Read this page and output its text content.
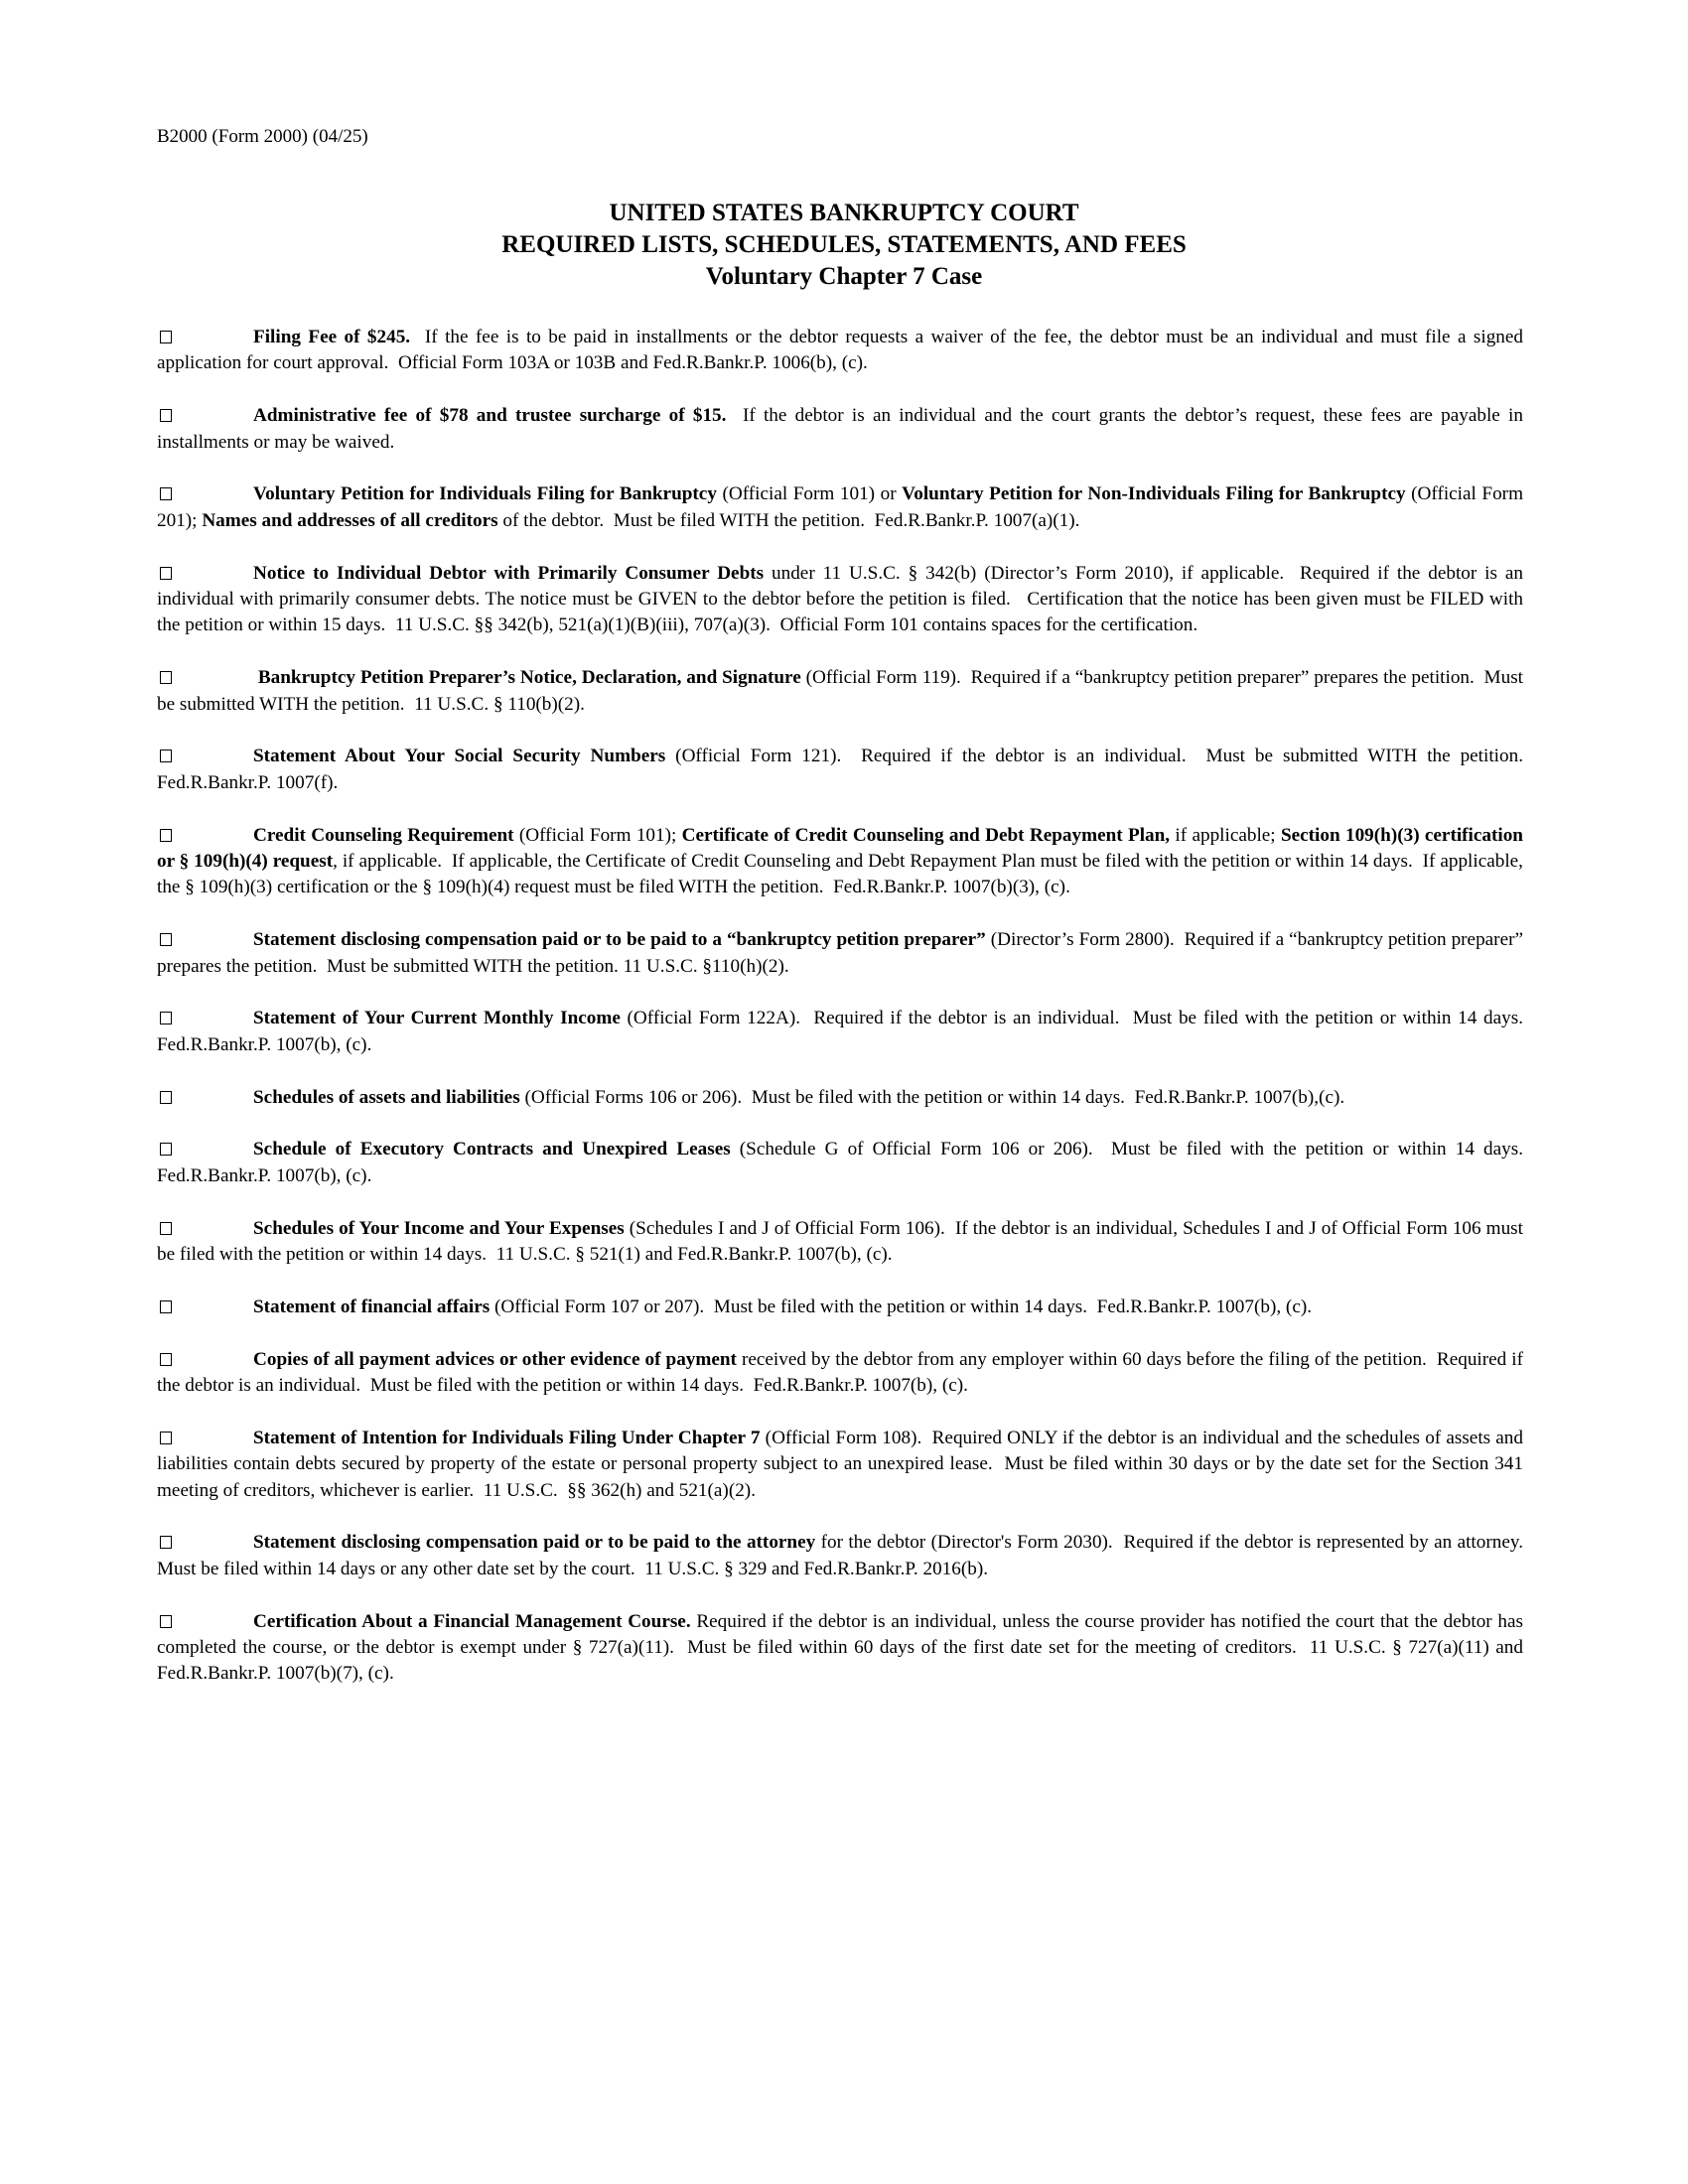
B2000 (Form 2000) (04/25)
UNITED STATES BANKRUPTCY COURT
REQUIRED LISTS, SCHEDULES, STATEMENTS, AND FEES
Voluntary Chapter 7 Case

Filing Fee of $245.  If the fee is to be paid in installments or the debtor requests a waiver of the fee, the debtor must be an individual and must file a signed application for court approval.  Official Form 103A or 103B and Fed.R.Bankr.P. 1006(b), (c).

Administrative fee of $78 and trustee surcharge of $15.  If the debtor is an individual and the court grants the debtor’s request, these fees are payable in installments or may be waived.

Voluntary Petition for Individuals Filing for Bankruptcy (Official Form 101) or Voluntary Petition for Non-Individuals Filing for Bankruptcy (Official Form 201); Names and addresses of all creditors of the debtor.  Must be filed WITH the petition.  Fed.R.Bankr.P. 1007(a)(1).

Notice to Individual Debtor with Primarily Consumer Debts under 11 U.S.C. § 342(b) (Director’s Form 2010), if applicable.  Required if the debtor is an individual with primarily consumer debts. The notice must be GIVEN to the debtor before the petition is filed.   Certification that the notice has been given must be FILED with the petition or within 15 days.  11 U.S.C. §§ 342(b), 521(a)(1)(B)(iii), 707(a)(3).  Official Form 101 contains spaces for the certification.

Bankruptcy Petition Preparer’s Notice, Declaration, and Signature (Official Form 119).  Required if a “bankruptcy petition preparer” prepares the petition.  Must be submitted WITH the petition.  11 U.S.C. § 110(b)(2).

Statement About Your Social Security Numbers (Official Form 121).  Required if the debtor is an individual.  Must be submitted WITH the petition.  Fed.R.Bankr.P. 1007(f).

Credit Counseling Requirement (Official Form 101); Certificate of Credit Counseling and Debt Repayment Plan, if applicable; Section 109(h)(3) certification or § 109(h)(4) request, if applicable.  If applicable, the Certificate of Credit Counseling and Debt Repayment Plan must be filed with the petition or within 14 days.  If applicable, the § 109(h)(3) certification or the § 109(h)(4) request must be filed WITH the petition.  Fed.R.Bankr.P. 1007(b)(3), (c).

Statement disclosing compensation paid or to be paid to a “bankruptcy petition preparer” (Director’s Form 2800).  Required if a “bankruptcy petition preparer” prepares the petition.  Must be submitted WITH the petition. 11 U.S.C. §110(h)(2).

Statement of Your Current Monthly Income (Official Form 122A).  Required if the debtor is an individual.  Must be filed with the petition or within 14 days.  Fed.R.Bankr.P. 1007(b), (c).

Schedules of assets and liabilities (Official Forms 106 or 206).  Must be filed with the petition or within 14 days.  Fed.R.Bankr.P. 1007(b),(c).

Schedule of Executory Contracts and Unexpired Leases (Schedule G of Official Form 106 or 206).  Must be filed with the petition or within 14 days.  Fed.R.Bankr.P. 1007(b), (c).

Schedules of Your Income and Your Expenses (Schedules I and J of Official Form 106).  If the debtor is an individual, Schedules I and J of Official Form 106 must be filed with the petition or within 14 days.  11 U.S.C. § 521(1) and Fed.R.Bankr.P. 1007(b), (c).

Statement of financial affairs (Official Form 107 or 207).  Must be filed with the petition or within 14 days.  Fed.R.Bankr.P. 1007(b), (c).

Copies of all payment advices or other evidence of payment received by the debtor from any employer within 60 days before the filing of the petition.  Required if the debtor is an individual.  Must be filed with the petition or within 14 days.  Fed.R.Bankr.P. 1007(b), (c).

Statement of Intention for Individuals Filing Under Chapter 7 (Official Form 108).  Required ONLY if the debtor is an individual and the schedules of assets and liabilities contain debts secured by property of the estate or personal property subject to an unexpired lease.  Must be filed within 30 days or by the date set for the Section 341 meeting of creditors, whichever is earlier.  11 U.S.C.  §§ 362(h) and 521(a)(2).

Statement disclosing compensation paid or to be paid to the attorney for the debtor (Director's Form 2030).  Required if the debtor is represented by an attorney.  Must be filed within 14 days or any other date set by the court.  11 U.S.C. § 329 and Fed.R.Bankr.P. 2016(b).

Certification About a Financial Management Course. Required if the debtor is an individual, unless the course provider has notified the court that the debtor has completed the course, or the debtor is exempt under § 727(a)(11).  Must be filed within 60 days of the first date set for the meeting of creditors.  11 U.S.C. § 727(a)(11) and Fed.R.Bankr.P. 1007(b)(7), (c).
